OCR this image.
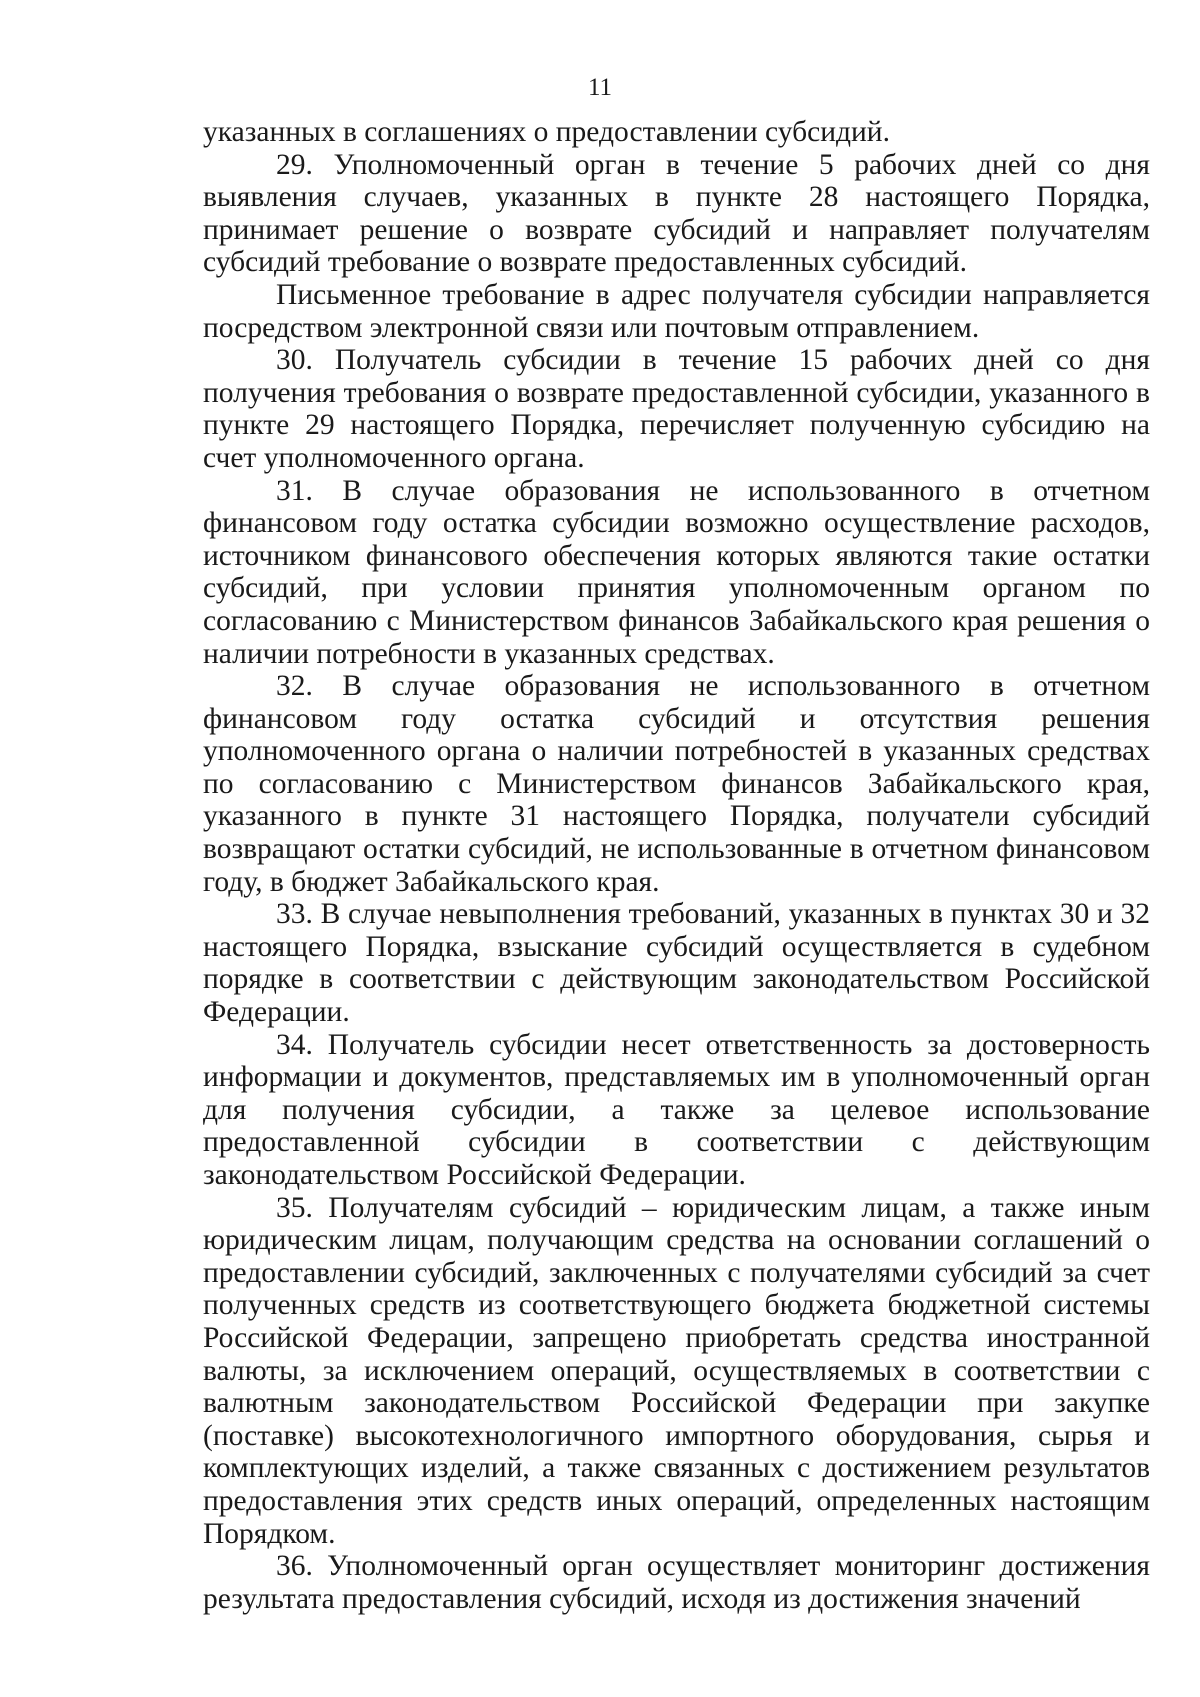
11

указанных в соглашениях о предоставлении субсидий.

29. Уполномоченный орган в течение 5 рабочих дней со дня выявления случаев, указанных в пункте 28 настоящего Порядка, принимает решение о возврате субсидий и направляет получателям субсидий требование о возврате предоставленных субсидий.

Письменное требование в адрес получателя субсидии направляется посредством электронной связи или почтовым отправлением.

30. Получатель субсидии в течение 15 рабочих дней со дня получения требования о возврате предоставленной субсидии, указанного в пункте 29 настоящего Порядка, перечисляет полученную субсидию на счет уполномоченного органа.

31. В случае образования не использованного в отчетном финансовом году остатка субсидии возможно осуществление расходов, источником финансового обеспечения которых являются такие остатки субсидий, при условии принятия уполномоченным органом по согласованию с Министерством финансов Забайкальского края решения о наличии потребности в указанных средствах.

32. В случае образования не использованного в отчетном финансовом году остатка субсидий и отсутствия решения уполномоченного органа о наличии потребностей в указанных средствах по согласованию с Министерством финансов Забайкальского края, указанного в пункте 31 настоящего Порядка, получатели субсидий возвращают остатки субсидий, не использованные в отчетном финансовом году, в бюджет Забайкальского края.

33. В случае невыполнения требований, указанных в пунктах 30 и 32 настоящего Порядка, взыскание субсидий осуществляется в судебном порядке в соответствии с действующим законодательством Российской Федерации.

34. Получатель субсидии несет ответственность за достоверность информации и документов, представляемых им в уполномоченный орган для получения субсидии, а также за целевое использование предоставленной субсидии в соответствии с действующим законодательством Российской Федерации.

35. Получателям субсидий – юридическим лицам, а также иным юридическим лицам, получающим средства на основании соглашений о предоставлении субсидий, заключенных с получателями субсидий за счет полученных средств из соответствующего бюджета бюджетной системы Российской Федерации, запрещено приобретать средства иностранной валюты, за исключением операций, осуществляемых в соответствии с валютным законодательством Российской Федерации при закупке (поставке) высокотехнологичного импортного оборудования, сырья и комплектующих изделий, а также связанных с достижением результатов предоставления этих средств иных операций, определенных настоящим Порядком.

36. Уполномоченный орган осуществляет мониторинг достижения результата предоставления субсидий, исходя из достижения значений
